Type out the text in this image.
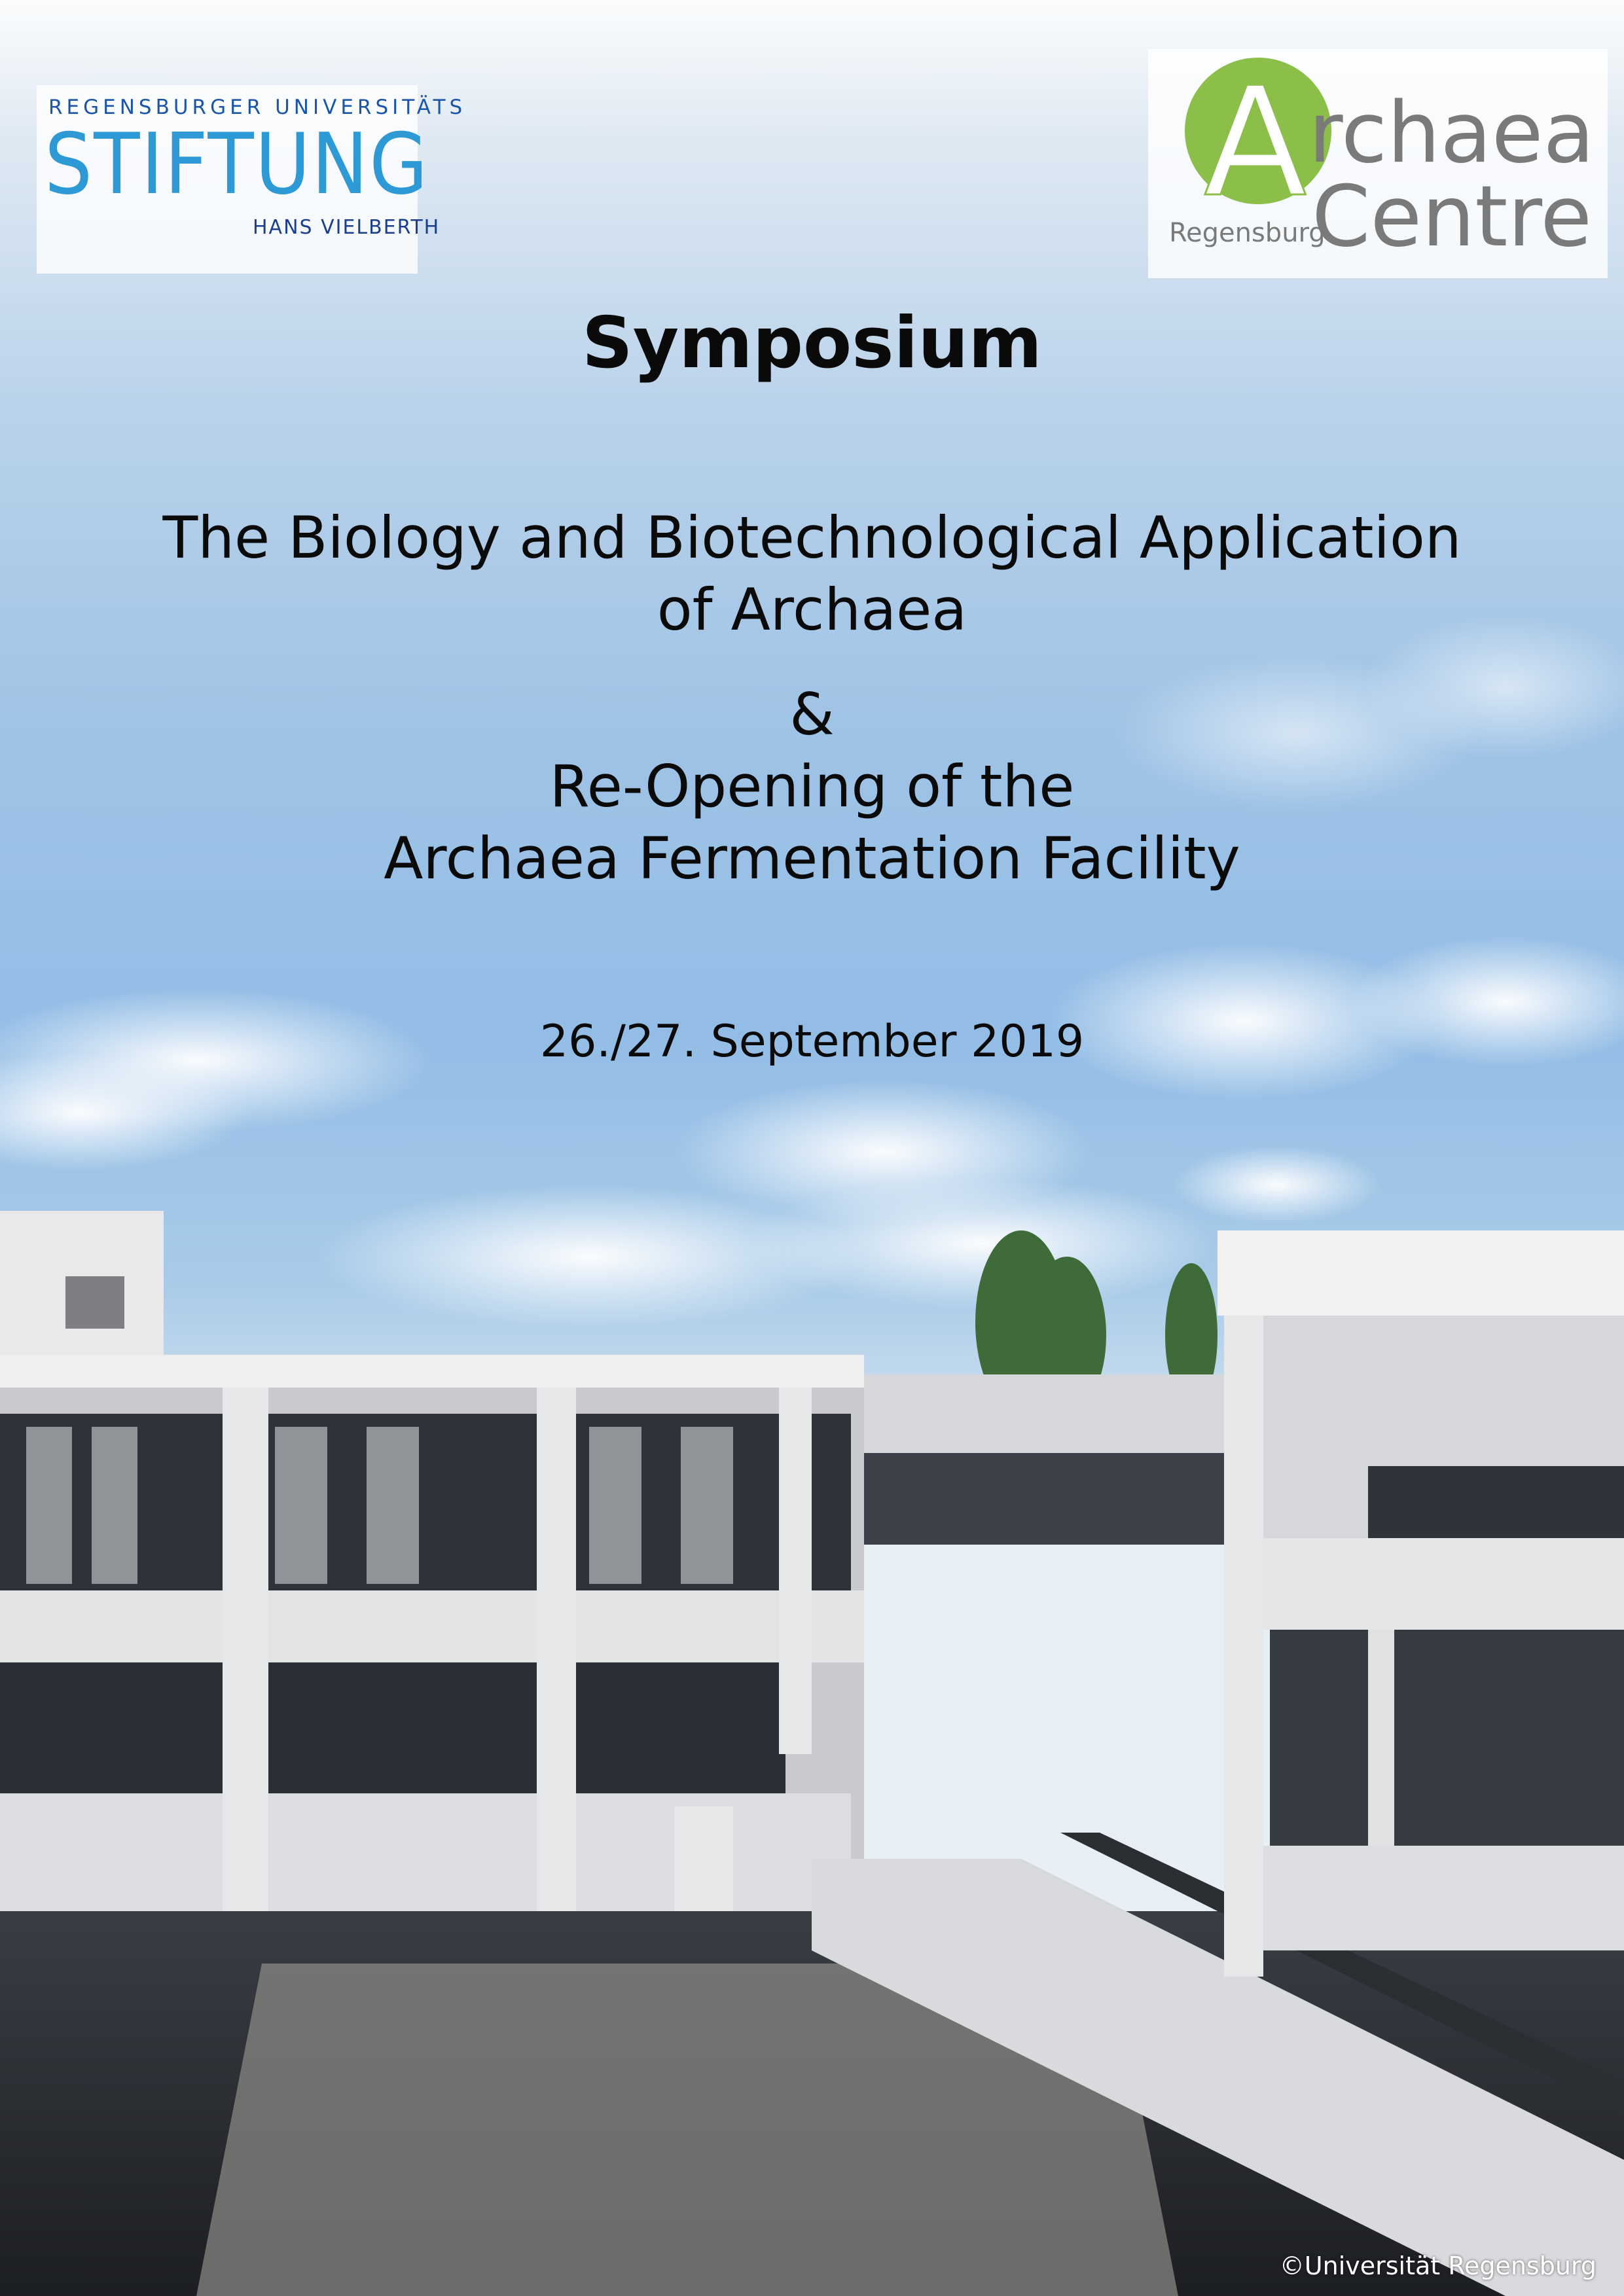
REGENSBURGER UNIVERSITÄTS
STIFTUNG
HANS VIELBERTH	A rchaea
Centre
Regensburg
Symposium
The Biology and Biotechnological Application
of Archaea
&
Re-Opening of the
Archaea Fermentation Facility
26./27. September 2019
©Universität Regensburg
